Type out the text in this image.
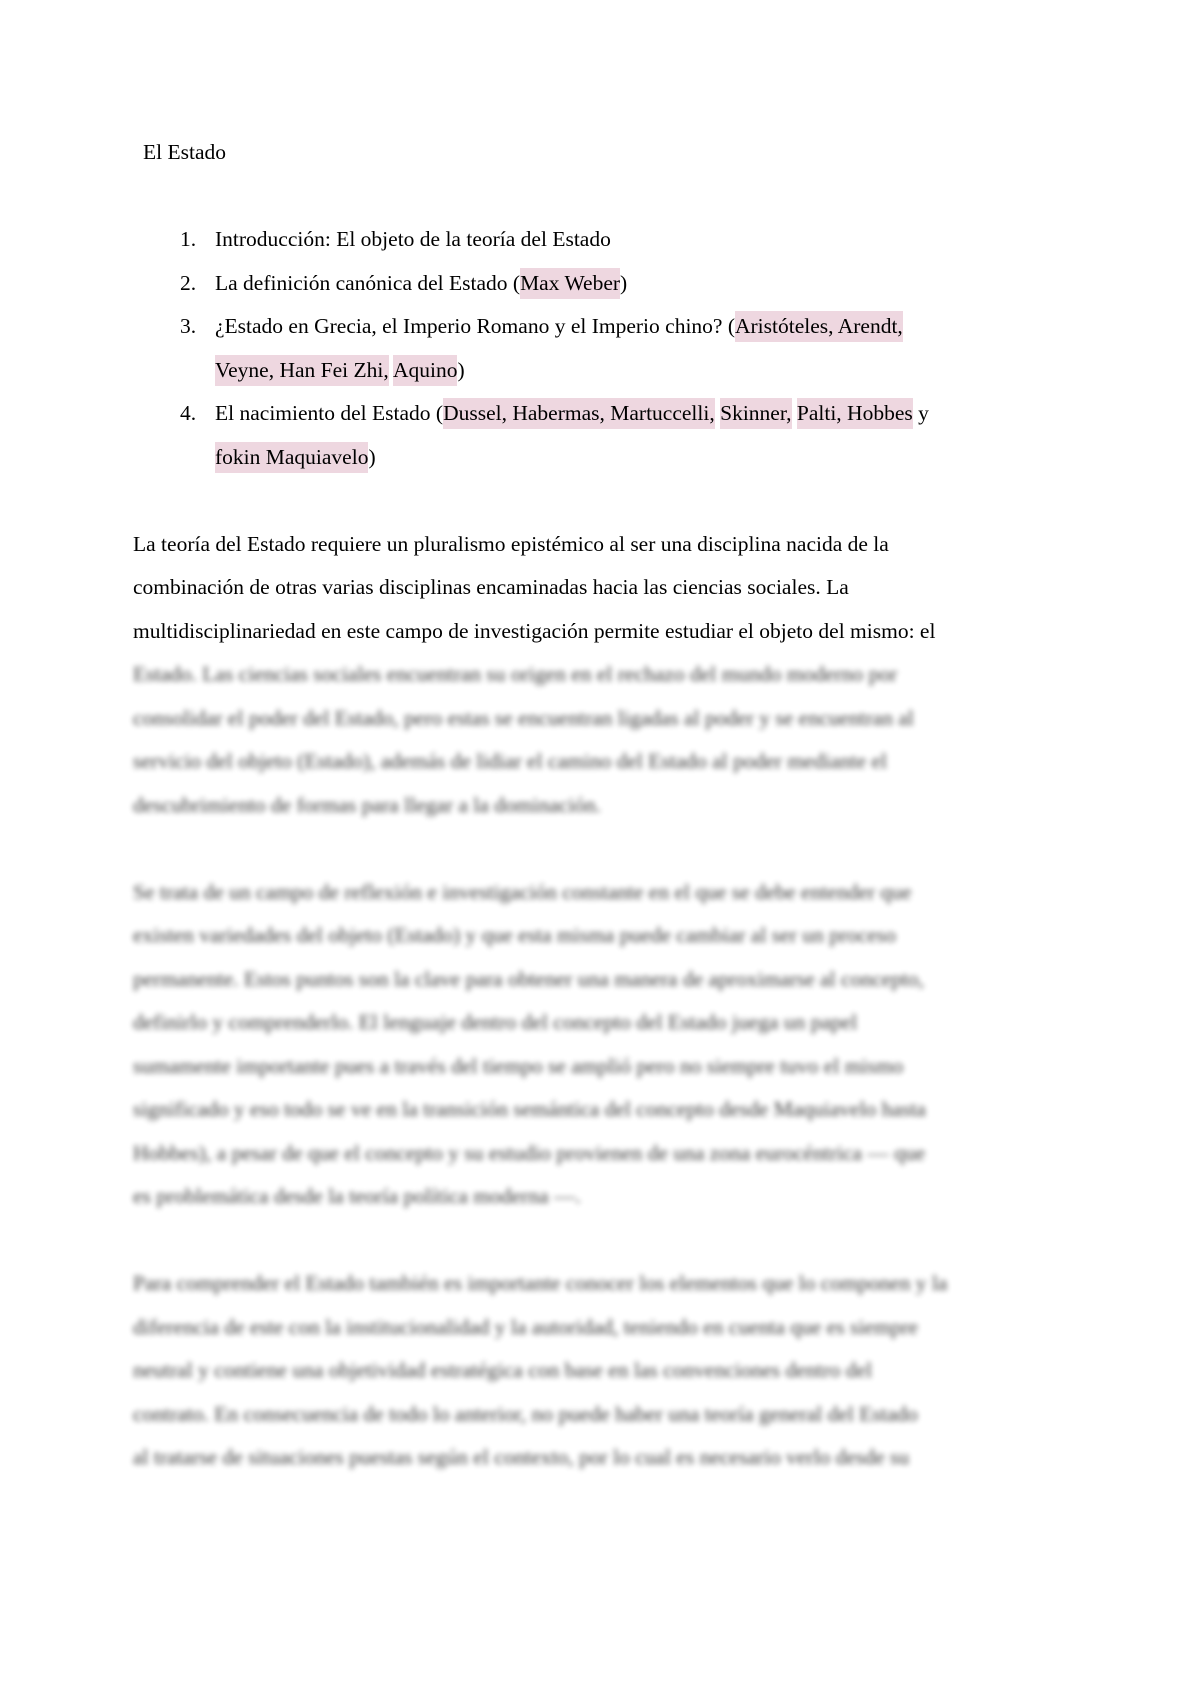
El Estado
1. Introducción: El objeto de la teoría del Estado
2. La definición canónica del Estado (Max Weber)
3. ¿Estado en Grecia, el Imperio Romano y el Imperio chino? (Aristóteles, Arendt,
Veyne, Han Fei Zhi, Aquino)
4. El nacimiento del Estado (Dussel, Habermas, Martuccelli, Skinner, Palti, Hobbes y
fokin Maquiavelo)
La teoría del Estado requiere un pluralismo epistémico al ser una disciplina nacida de la
combinación de otras varias disciplinas encaminadas hacia las ciencias sociales. La
multidisciplinariedad en este campo de investigación permite estudiar el objeto del mismo: el
Estado. Las ciencias sociales encuentran su origen en el rechazo del mundo moderno por
consolidar el poder del Estado, pero estas se encuentran ligadas al poder y se encuentran al
servicio del objeto (Estado), además de lidiar el camino del Estado al poder mediante el
descubrimiento de formas para llegar a la dominación.
Se trata de un campo de reflexión e investigación constante en el que se debe entender que
existen variedades del objeto (Estado) y que esta misma puede cambiar al ser un proceso
permanente. Estos puntos son la clave para obtener una manera de aproximarse al concepto,
definirlo y comprenderlo. El lenguaje dentro del concepto del Estado juega un papel
sumamente importante pues a través del tiempo se amplió pero no siempre tuvo el mismo
significado y eso todo se ve en la transición semántica del concepto desde Maquiavelo hasta
Hobbes), a pesar de que el concepto y su estudio provienen de una zona eurocéntrica — que
es problemática desde la teoría política moderna —.
Para comprender el Estado también es importante conocer los elementos que lo componen y la
diferencia de este con la institucionalidad y la autoridad, teniendo en cuenta que es siempre
neutral y contiene una objetividad estratégica con base en las convenciones dentro del
contrato. En consecuencia de todo lo anterior, no puede haber una teoría general del Estado
al tratarse de situaciones puestas según el contexto, por lo cual es necesario verlo desde su
